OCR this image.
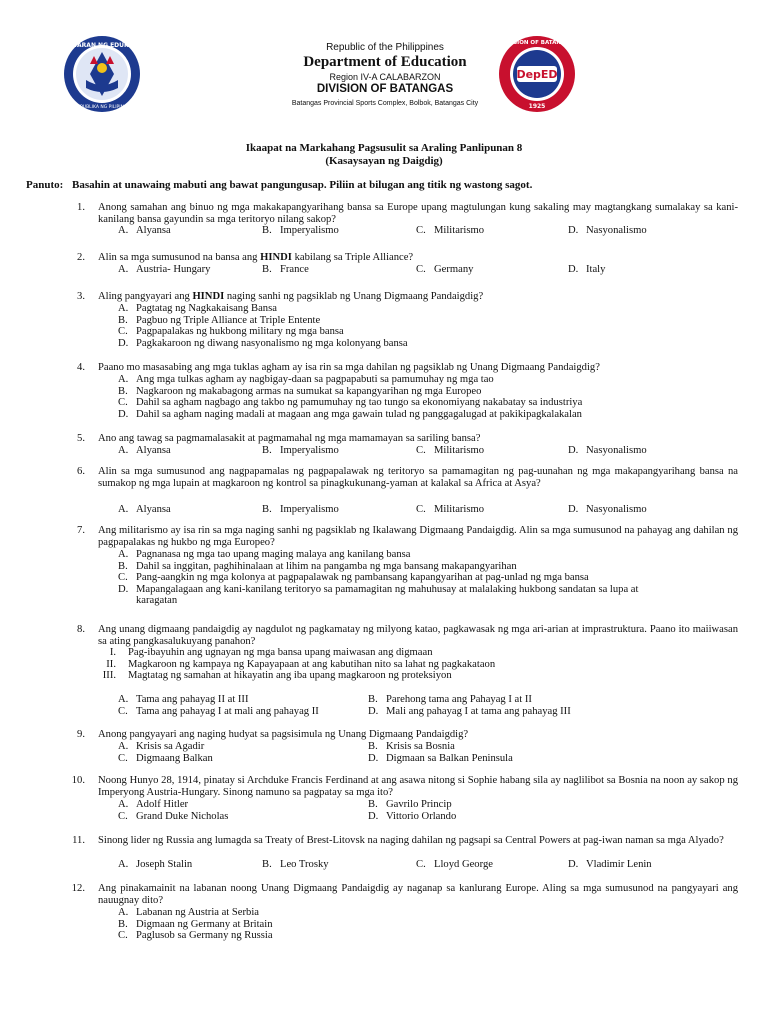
KAGAWARAN NG EDUKASYON
REPUBLIKA NG PILIPINAS
Republic of the Philippines
Department of Education
Region IV-A CALABARZON
DIVISION OF BATANGAS
Batangas Provincial Sports Complex, Bolbok, Batangas City
DepED
DIVISION OF BATANGAS
1925
Ikaapat na Markahang Pagsusulit sa Araling Panlipunan 8
(Kasaysayan ng Daigdig)
Panuto: Basahin at unawaing mabuti ang bawat pangungusap. Piliin at bilugan ang titik ng wastong sagot.
1. Anong samahan ang binuo ng mga makakapangyarihang bansa sa Europe upang magtulungan kung sakaling may magtangkang sumalakay sa kani-kanilang bansa gayundin sa mga teritoryo nilang sakop?
A. Alyansa	B. Imperyalismo	C. Militarismo	D. Nasyonalismo
2. Alin sa mga sumusunod na bansa ang HINDI kabilang sa Triple Alliance?
A. Austria- Hungary	B. France	C. Germany	D. Italy
3. Aling pangyayari ang HINDI naging sanhi ng pagsiklab ng Unang Digmaang Pandaigdig?
A. Pagtatag ng Nagkakaisang Bansa
B. Pagbuo ng Triple Alliance at Triple Entente
C. Pagpapalakas ng hukbong military ng mga bansa
D. Pagkakaroon ng diwang nasyonalismo ng mga kolonyang bansa
4. Paano mo masasabing ang mga tuklas agham ay isa rin sa mga dahilan ng pagsiklab ng Unang Digmaang Pandaigdig?
A. Ang mga tulkas agham ay nagbigay-daan sa pagpapabuti sa pamumuhay ng mga tao
B. Nagkaroon ng makabagong armas na sumukat sa kapangyarihan ng mga Europeo
C. Dahil sa agham nagbago ang takbo ng pamumuhay ng tao tungo sa ekonomiyang nakabatay sa industriya
D. Dahil sa agham naging madali at magaan ang mga gawain tulad ng panggagalugad at pakikipagkalakalan
5. Ano ang tawag sa pagmamalasakit at pagmamahal ng mga mamamayan sa sariling bansa?
A. Alyansa	B. Imperyalismo	C. Militarismo	D. Nasyonalismo
6. Alin sa mga sumusunod ang nagpapamalas ng pagpapalawak ng teritoryo sa pamamagitan ng pag-uunahan ng mga makapangyarihang bansa na sumakop ng mga lupain at magkaroon ng kontrol sa pinagkukunang-yaman at kalakal sa Africa at Asya?
A. Alyansa	B. Imperyalismo	C. Militarismo	D. Nasyonalismo
7. Ang militarismo ay isa rin sa mga naging sanhi ng pagsiklab ng Ikalawang Digmaang Pandaigdig. Alin sa mga sumusunod na pahayag ang dahilan ng pagpapalakas ng hukbo ng mga Europeo?
A. Pagnanasa ng mga tao upang maging malaya ang kanilang bansa
B. Dahil sa inggitan, paghihinalaan at lihim na pangamba ng mga bansang makapangyarihan
C. Pang-aangkin ng mga kolonya at pagpapalawak ng pambansang kapangyarihan at pag-unlad ng mga bansa
D. Mapangalagaan ang kani-kanilang teritoryo sa pamamagitan ng mahuhusay at malalaking hukbong sandatan sa lupa at
karagatan
8. Ang unang digmaang pandaigdig ay nagdulot ng pagkamatay ng milyong katao, pagkawasak ng mga ari-arian at imprastruktura. Paano ito maiiwasan sa ating pangkasalukuyang panahon?
I. Pag-ibayuhin ang ugnayan ng mga bansa upang maiwasan ang digmaan
II. Magkaroon ng kampaya ng Kapayapaan at ang kabutihan nito sa lahat ng pagkakataon
III. Magtatag ng samahan at hikayatin ang iba upang magkaroon ng proteksiyon
A. Tama ang pahayag II at III	B. Parehong tama ang Pahayag I at II
C. Tama ang pahayag I at mali ang pahayag II	D. Mali ang pahayag I at tama ang pahayag III
9. Anong pangyayari ang naging hudyat sa pagsisimula ng Unang Digmaang Pandaigdig?
A. Krisis sa Agadir	B. Krisis sa Bosnia
C. Digmaang Balkan	D. Digmaan sa Balkan Peninsula
10. Noong Hunyo 28, 1914, pinatay si Archduke Francis Ferdinand at ang asawa nitong si Sophie habang sila ay naglilibot sa Bosnia na noon ay sakop ng Imperyong Austria-Hungary. Sinong namuno sa pagpatay sa mga ito?
A. Adolf Hitler	B. Gavrilo Princip
C. Grand Duke Nicholas	D. Vittorio Orlando
11. Sinong lider ng Russia ang lumagda sa Treaty of Brest-Litovsk na naging dahilan ng pagsapi sa Central Powers at pag-iwan naman sa mga Alyado?
A. Joseph Stalin	B. Leo Trosky	C. Lloyd George	D. Vladimir Lenin
12. Ang pinakamainit na labanan noong Unang Digmaang Pandaigdig ay naganap sa kanlurang Europe. Aling sa mga sumusunod na pangyayari ang nauugnay dito?
A. Labanan ng Austria at Serbia
B. Digmaan ng Germany at Britain
C. Paglusob sa Germany ng Russia
